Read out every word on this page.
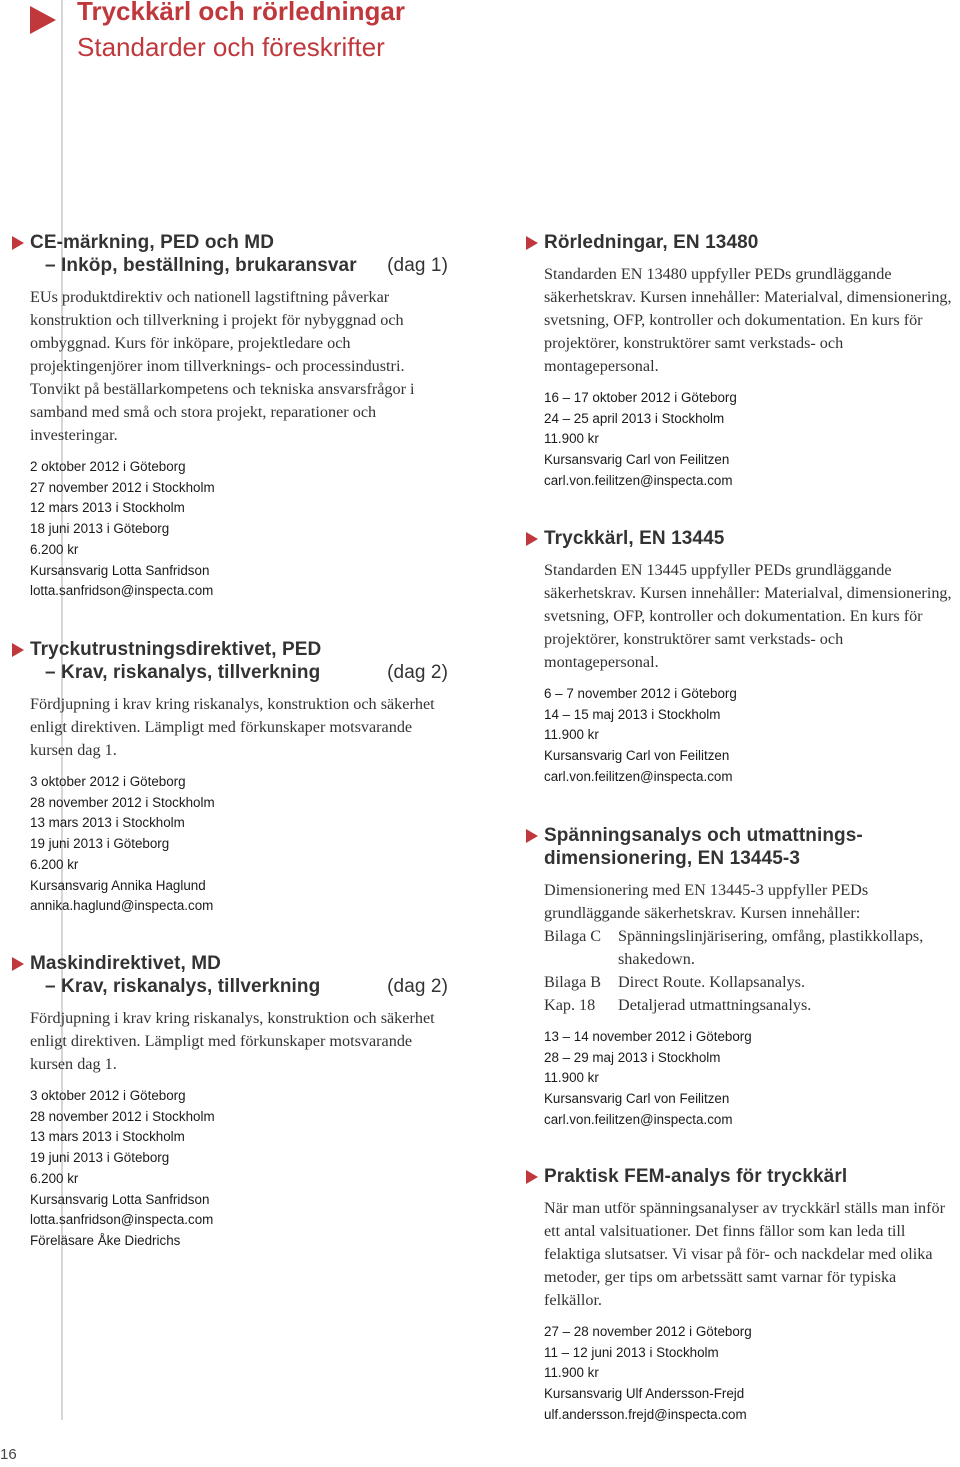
Tryckkärl och rörledningar
Standarder och föreskrifter
CE-märkning, PED och MD
– Inköp, beställning, brukaransvar (dag 1)

EUs produktdirektiv och nationell lagstiftning påverkar konstruktion och tillverkning i projekt för nybyggnad och ombyggnad. Kurs för inköpare, projektledare och projektingenjörer inom tillverknings- och processindustri.

Tonvikt på beställarkompetens och tekniska ansvarsfrågor i samband med små och stora projekt, reparationer och investeringar.

2 oktober 2012 i Göteborg
27 november 2012 i Stockholm
12 mars 2013 i Stockholm
18 juni 2013 i Göteborg
6.200 kr
Kursansvarig Lotta Sanfridson
lotta.sanfridson@inspecta.com
Tryckutrustningsdirektivet, PED
– Krav, riskanalys, tillverkning	(dag 2)

Fördjupning i krav kring riskanalys, konstruktion och säkerhet enligt direktiven. Lämpligt med förkunskaper motsvarande kursen dag 1.

3 oktober 2012 i Göteborg
28 november 2012 i Stockholm
13 mars 2013 i Stockholm
19 juni 2013 i Göteborg
6.200 kr
Kursansvarig Annika Haglund
annika.haglund@inspecta.com
Maskindirektivet, MD
– Krav, riskanalys, tillverkning	(dag 2)

Fördjupning i krav kring riskanalys, konstruktion och säkerhet enligt direktiven. Lämpligt med förkunskaper motsvarande kursen dag 1.

3 oktober 2012 i Göteborg
28 november 2012 i Stockholm
13 mars 2013 i Stockholm
19 juni 2013 i Göteborg
6.200 kr
Kursansvarig Lotta Sanfridson
lotta.sanfridson@inspecta.com
Föreläsare Åke Diedrichs
Rörledningar, EN 13480

Standarden EN 13480 uppfyller PEDs grundläggande säkerhetskrav. Kursen innehåller: Materialval, dimensionering, svetsning, OFP, kontroller och dokumentation. En kurs för projektörer, konstruktörer samt verkstads- och montagepersonal.

16 – 17 oktober 2012 i Göteborg
24 – 25 april 2013 i Stockholm
11.900 kr
Kursansvarig Carl von Feilitzen
carl.von.feilitzen@inspecta.com
Tryckkärl, EN 13445

Standarden EN 13445 uppfyller PEDs grundläggande säkerhetskrav. Kursen innehåller: Materialval, dimensionering, svetsning, OFP, kontroller och dokumentation. En kurs för projektörer, konstruktörer samt verkstads- och montagepersonal.

6 – 7 november 2012 i Göteborg
14 – 15 maj 2013 i Stockholm
11.900 kr
Kursansvarig Carl von Feilitzen
carl.von.feilitzen@inspecta.com
Spänningsanalys och utmattnings-
dimensionering, EN 13445-3

Dimensionering med EN 13445-3 uppfyller PEDs grundläggande säkerhetskrav. Kursen innehåller:

Bilaga C	Spänningslinjärisering, omfång, plastikkollaps, shakedown.
Bilaga B	Direct Route. Kollapsanalys.
Kap. 18	Detaljerad utmattningsanalys.
13 – 14 november 2012 i Göteborg
28 – 29 maj 2013 i Stockholm
11.900 kr
Kursansvarig Carl von Feilitzen
carl.von.feilitzen@inspecta.com
Praktisk FEM-analys för tryckkärl

När man utför spänningsanalyser av tryckkärl ställs man inför ett antal valsituationer. Det finns fällor som kan leda till felaktiga slutsatser. Vi visar på för- och nackdelar med olika metoder, ger tips om arbetssätt samt varnar för typiska felkällor.

27 – 28 november 2012 i Göteborg
11 – 12 juni 2013 i Stockholm
11.900 kr
Kursansvarig Ulf Andersson-Frejd
ulf.andersson.frejd@inspecta.com
16
